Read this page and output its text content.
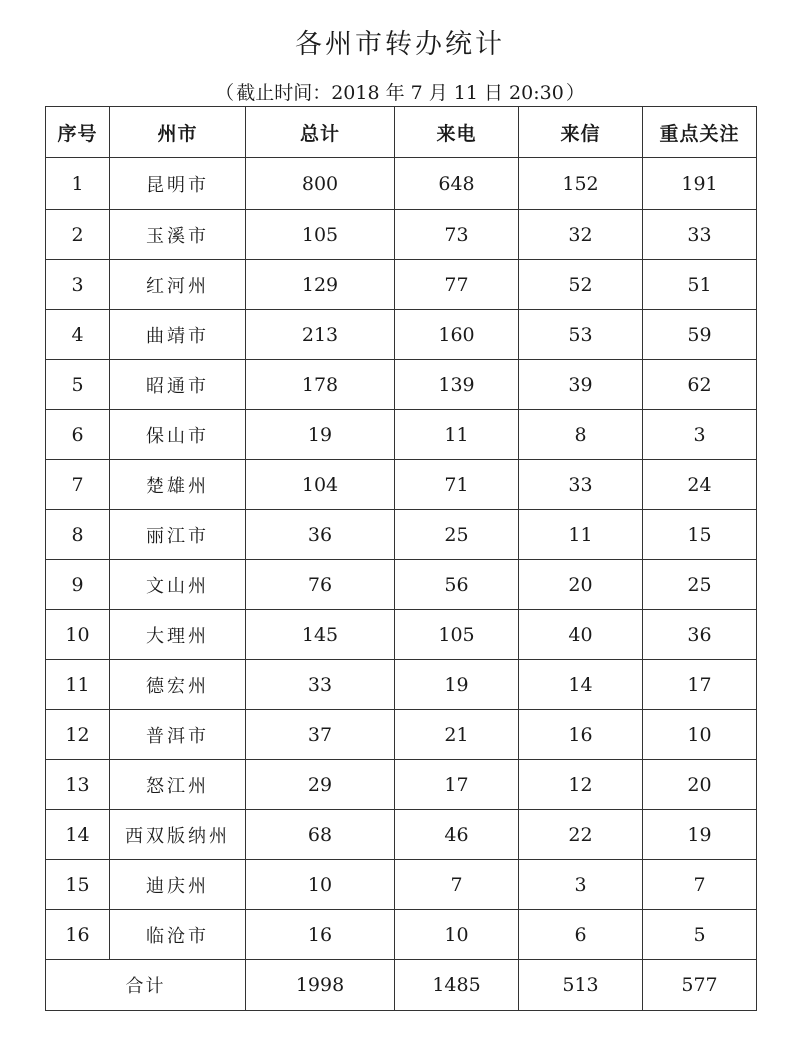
各州市转办统计
（ 截止时间：2018 年 7 月 11 日 20:30 ）
序号	州市	总计	来电	来信	重点关注
1	昆明市	800	648	152	191
2	玉溪市	105	73	32	33
3	红河州	129	77	52	51
4	曲靖市	213	160	53	59
5	昭通市	178	139	39	62
6	保山市	19	11	8	3
7	楚雄州	104	71	33	24
8	丽江市	36	25	11	15
9	文山州	76	56	20	25
10	大理州	145	105	40	36
11	德宏州	33	19	14	17
12	普洱市	37	21	16	10
13	怒江州	29	17	12	20
14	西双版纳州	68	46	22	19
15	迪庆州	10	7	3	7
16	临沧市	16	10	6	5
合计		1998	1485	513	577
